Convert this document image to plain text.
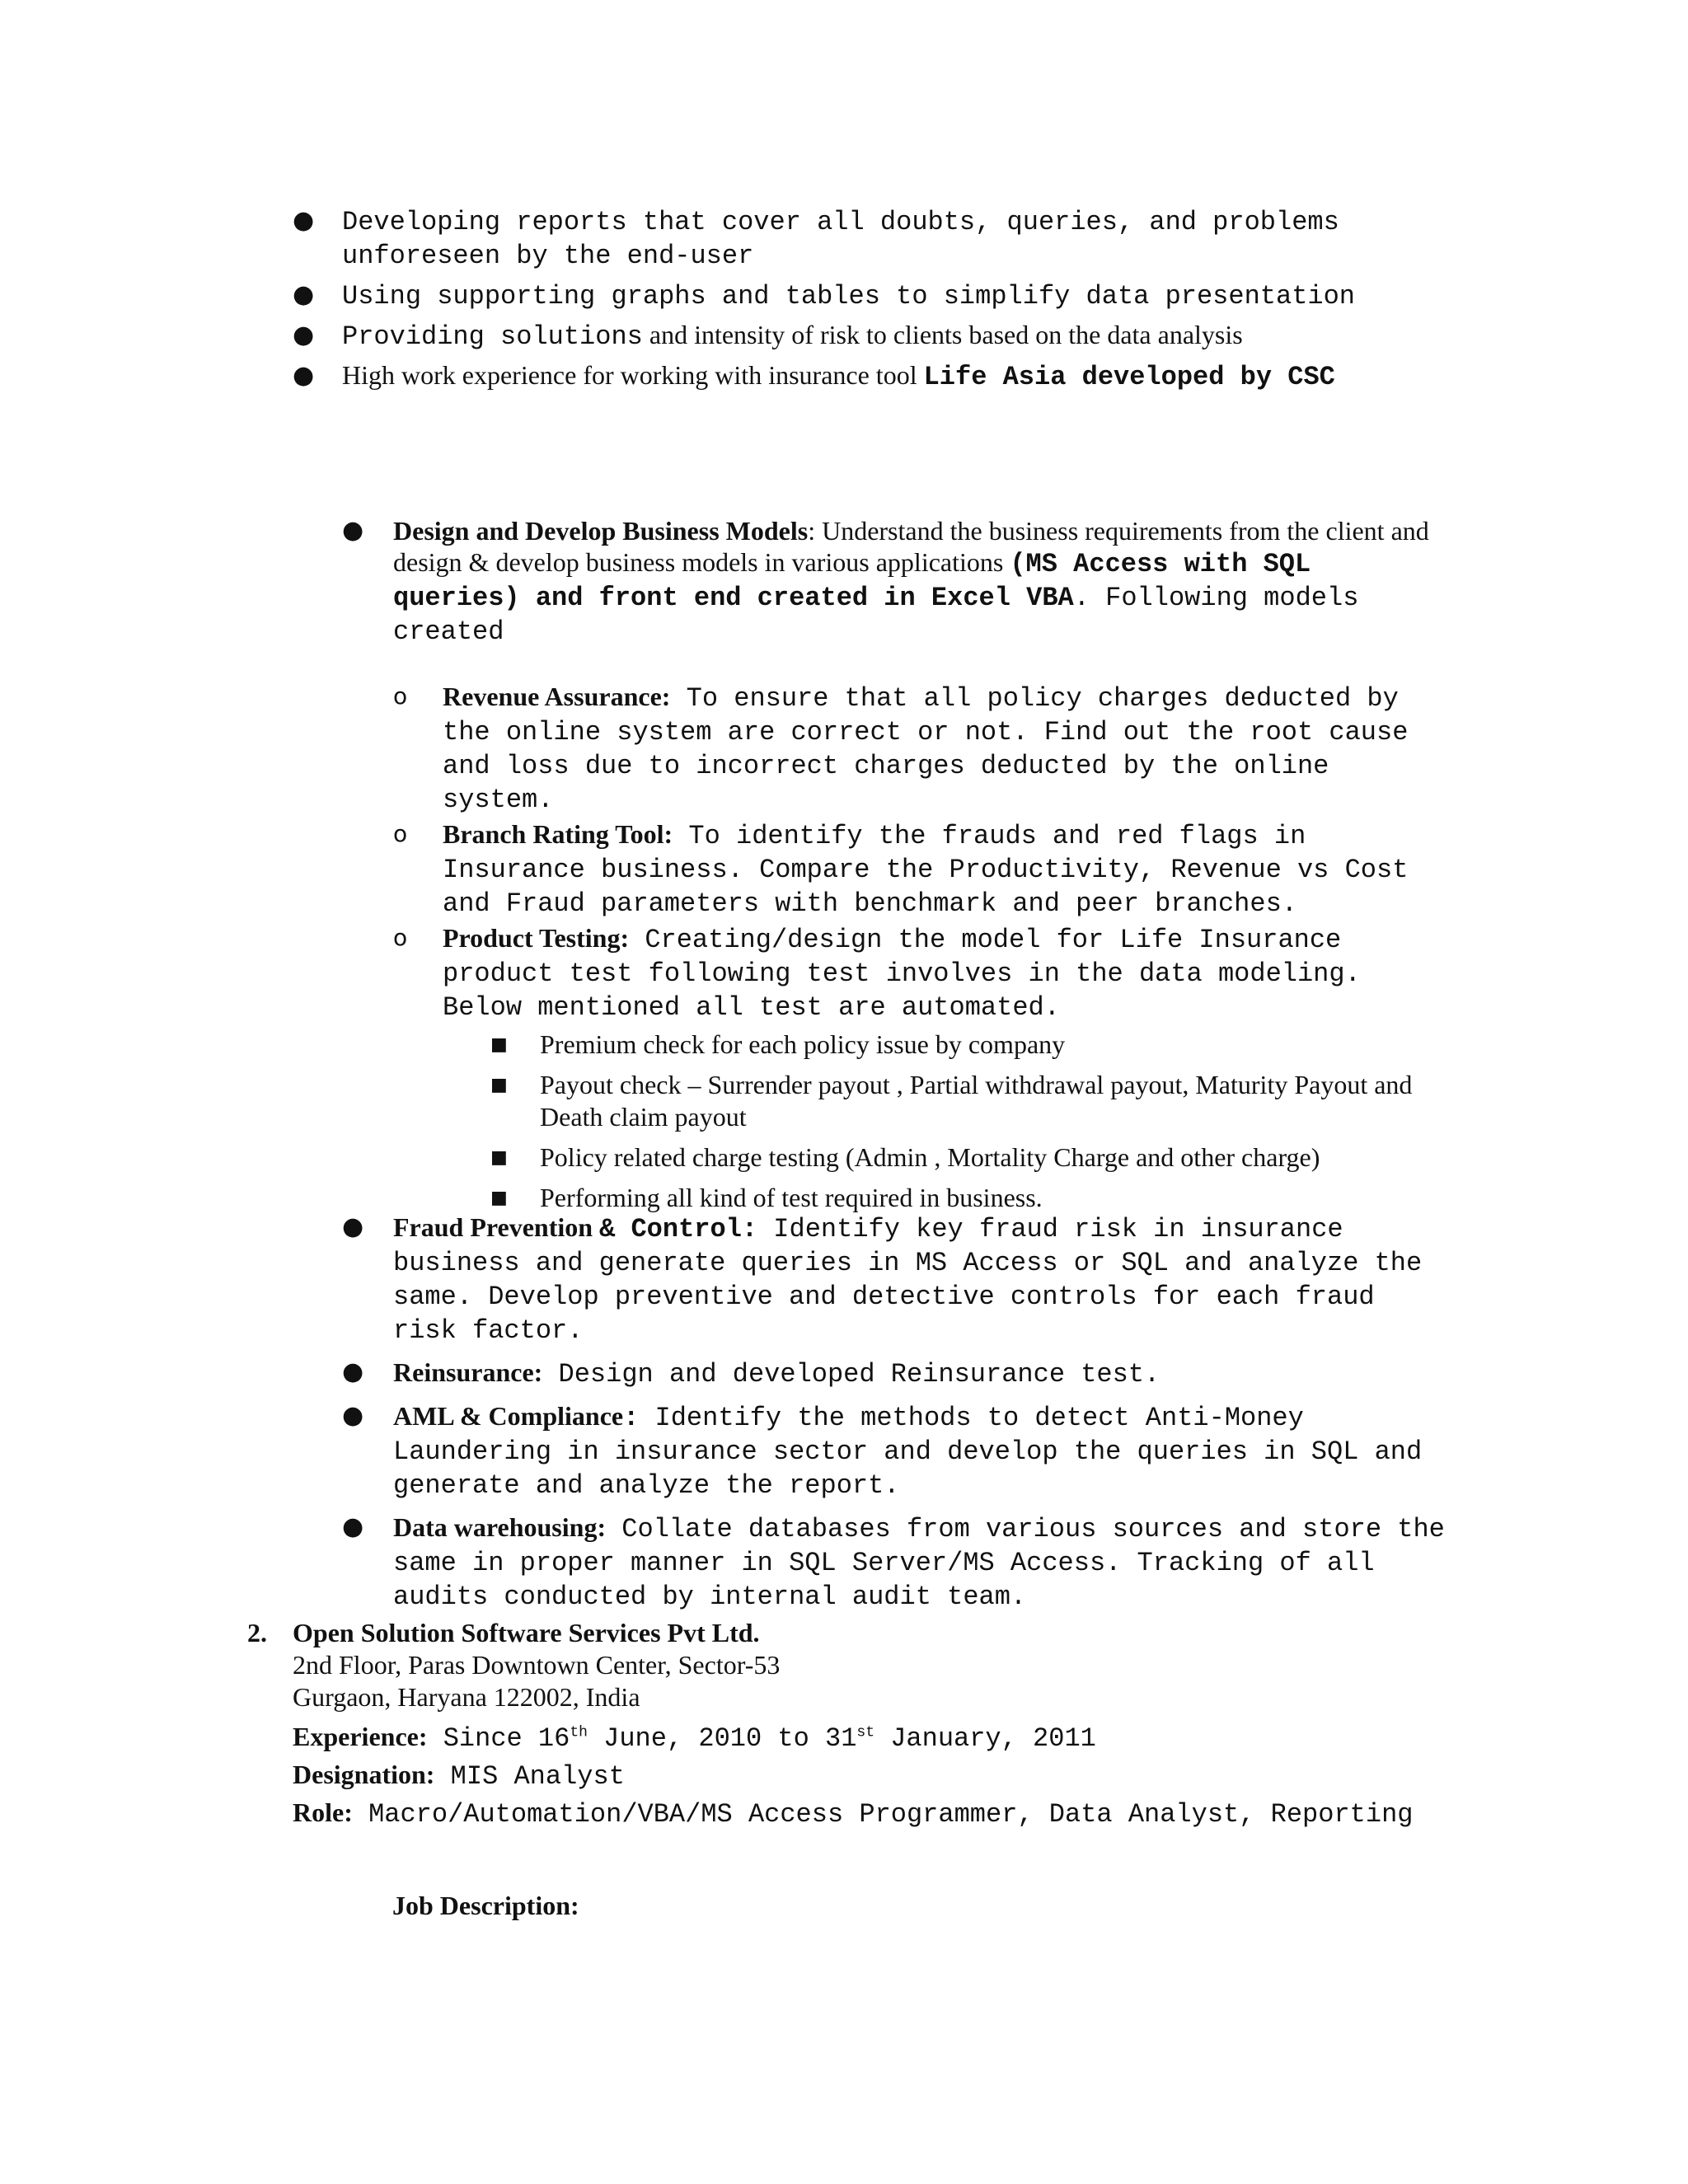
● Developing reports that cover all doubts, queries, and problems unforeseen by the end-user
● Using supporting graphs and tables to simplify data presentation
● Providing solutions and intensity of risk to clients based on the data analysis
● High work experience for working with insurance tool Life Asia developed by CSC
● Design and Develop Business Models: Understand the business requirements from the client and design & develop business models in various applications (MS Access with SQL queries) and front end created in Excel VBA. Following models created
o Revenue Assurance: To ensure that all policy charges deducted by the online system are correct or not. Find out the root cause and loss due to incorrect charges deducted by the online system.
o Branch Rating Tool: To identify the frauds and red flags in Insurance business. Compare the Productivity, Revenue vs Cost and Fraud parameters with benchmark and peer branches.
o Product Testing: Creating/design the model for Life Insurance product test following test involves in the data modeling. Below mentioned all test are automated.
■ Premium check for each policy issue by company
■ Payout check – Surrender payout , Partial withdrawal payout, Maturity Payout and Death claim payout
■ Policy related charge testing (Admin , Mortality Charge and other charge)
■ Performing all kind of test required in business.
● Fraud Prevention & Control: Identify key fraud risk in insurance business and generate queries in MS Access or SQL and analyze the same. Develop preventive and detective controls for each fraud risk factor.
● Reinsurance: Design and developed Reinsurance test.
● AML & Compliance: Identify the methods to detect Anti-Money Laundering in insurance sector and develop the queries in SQL and generate and analyze the report.
● Data warehousing: Collate databases from various sources and store the same in proper manner in SQL Server/MS Access. Tracking of all audits conducted by internal audit team.
2. Open Solution Software Services Pvt Ltd.
2nd Floor, Paras Downtown Center, Sector-53
Gurgaon, Haryana 122002, India
Experience: Since 16th June, 2010 to 31st January, 2011
Designation: MIS Analyst
Role: Macro/Automation/VBA/MS Access Programmer, Data Analyst, Reporting
Job Description:
